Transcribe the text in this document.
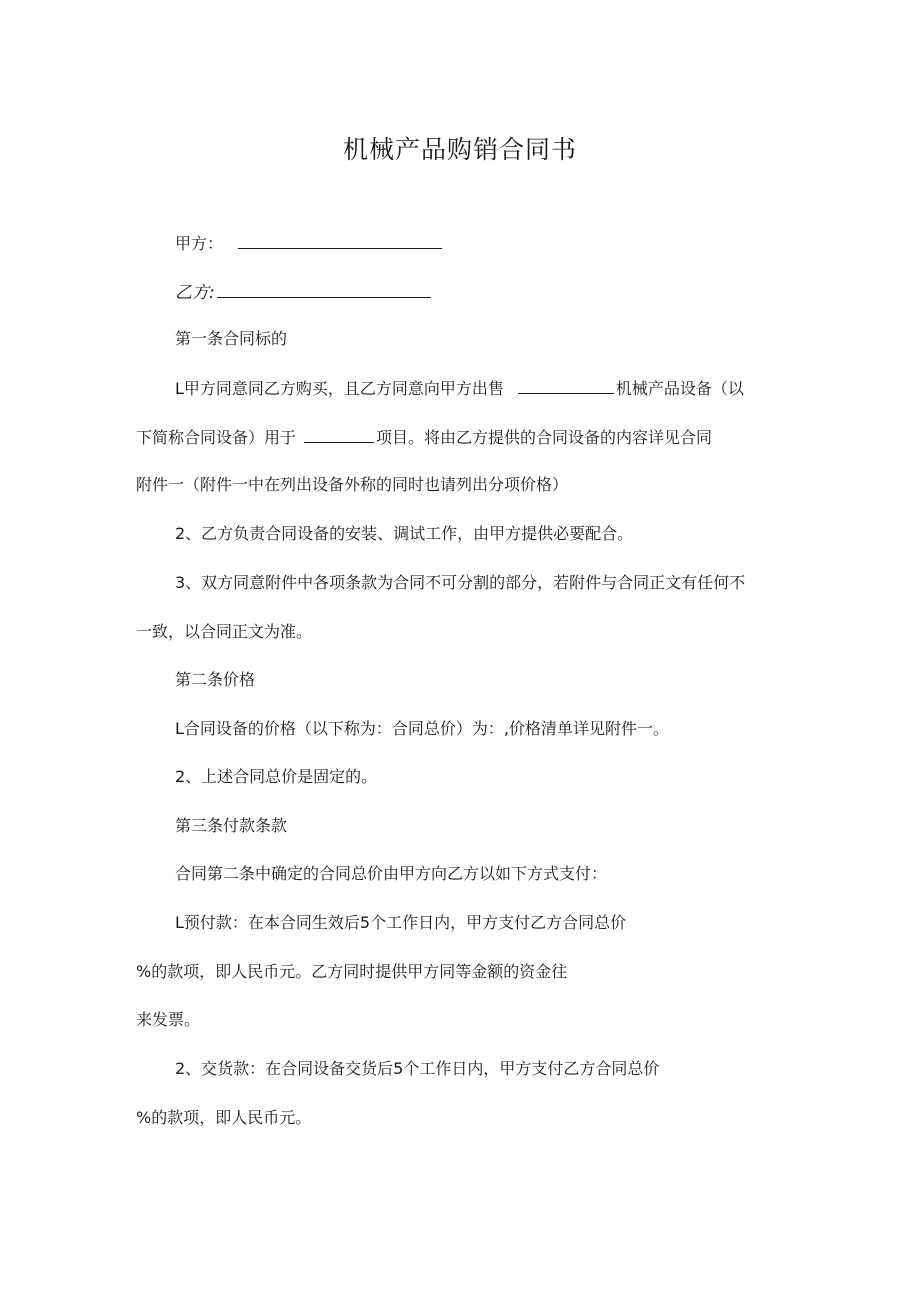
机械产品购销合同书
甲方：
乙方:
第一条合同标的
L甲方同意同乙方购买，且乙方同意向甲方出售	机械产品设备（以
下简称合同设备）用于	项目。将由乙方提供的合同设备的内容详见合同
附件一（附件一中在列出设备外称的同时也请列出分项价格）
2、乙方负责合同设备的安装、调试工作，由甲方提供必要配合。
3、双方同意附件中各项条款为合同不可分割的部分，若附件与合同正文有任何不
一致，以合同正文为准。
第二条价格
L合同设备的价格（以下称为：合同总价）为：,价格清单详见附件一。
2、上述合同总价是固定的。
第三条付款条款
合同第二条中确定的合同总价由甲方向乙方以如下方式支付：
L预付款：在本合同生效后5个工作日内，甲方支付乙方合同总价
%的款项，即人民币元。乙方同时提供甲方同等金额的资金往
来发票。
2、交货款：在合同设备交货后5个工作日内，甲方支付乙方合同总价
%的款项，即人民币元。
